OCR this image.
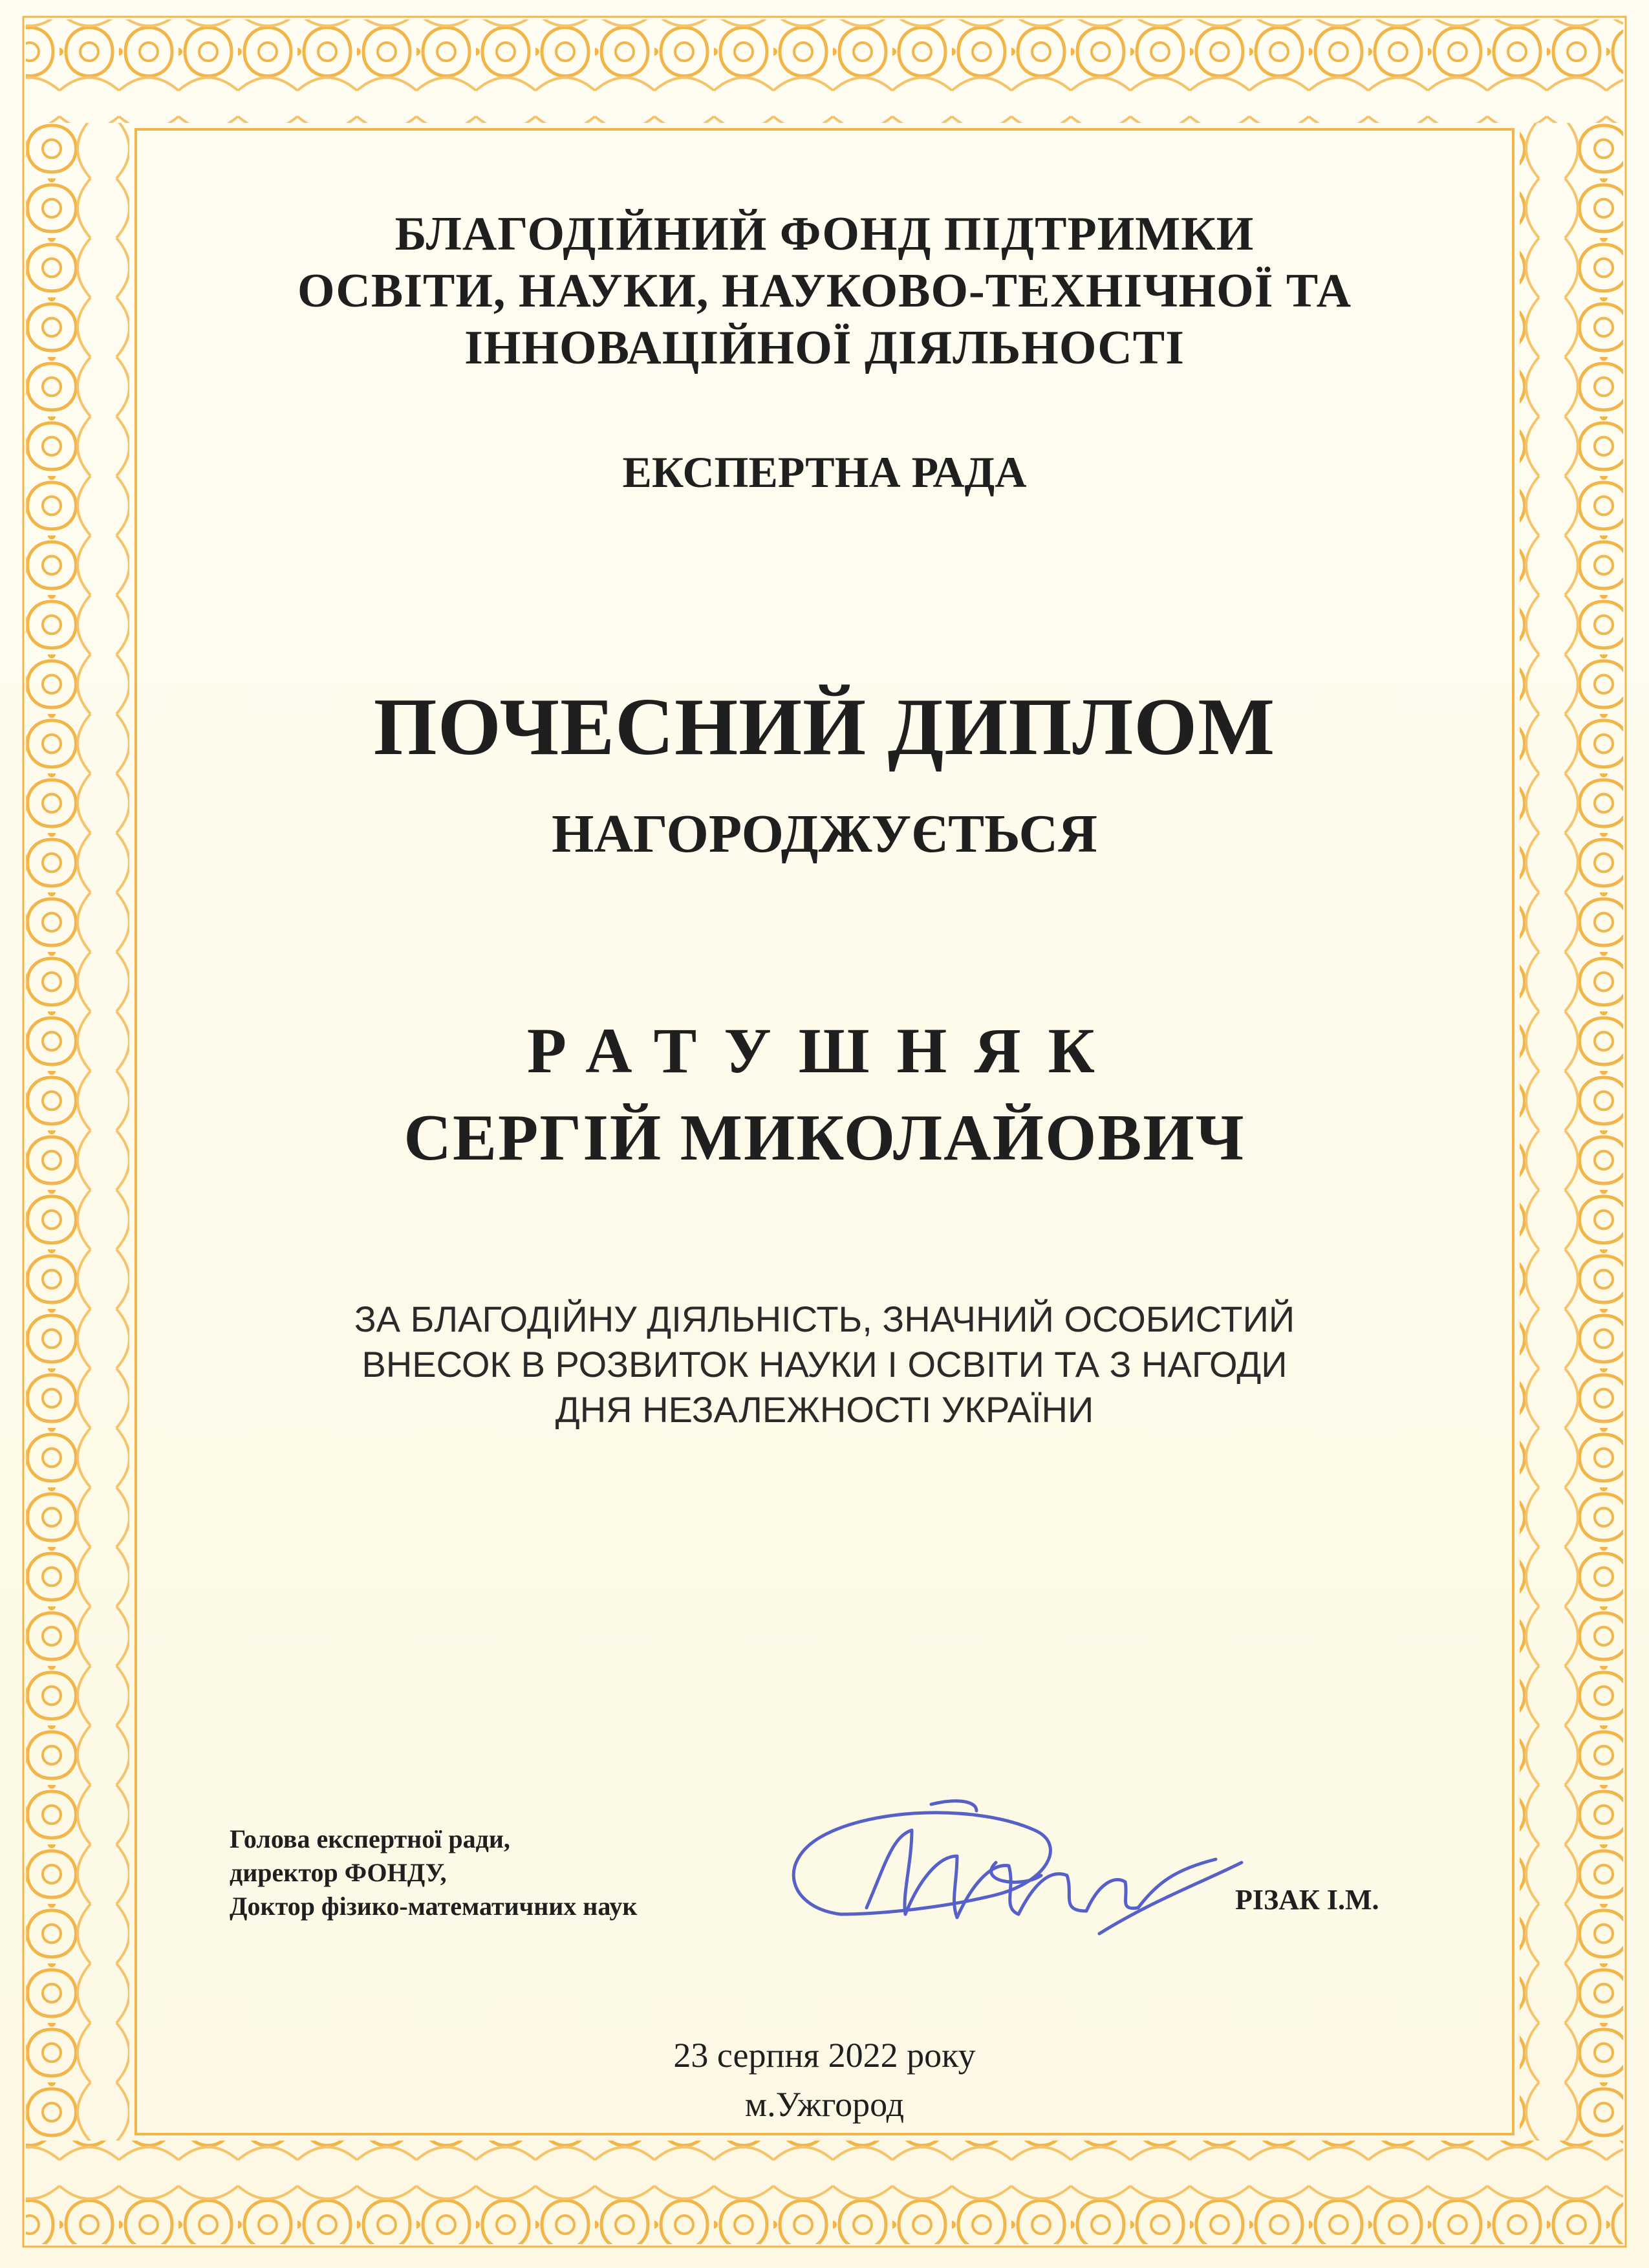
БЛАГОДІЙНИЙ ФОНД ПІДТРИМКИ
ОСВІТИ, НАУКИ, НАУКОВО-ТЕХНІЧНОЇ ТА
ІННОВАЦІЙНОЇ ДІЯЛЬНОСТІ
ЕКСПЕРТНА РАДА
ПОЧЕСНИЙ ДИПЛОМ
НАГОРОДЖУЄТЬСЯ
РАТУШНЯК
СЕРГІЙ МИКОЛАЙОВИЧ
ЗА БЛАГОДІЙНУ ДІЯЛЬНІСТЬ, ЗНАЧНИЙ ОСОБИСТИЙ
ВНЕСОК В РОЗВИТОК НАУКИ І ОСВІТИ ТА З НАГОДИ
ДНЯ НЕЗАЛЕЖНОСТІ УКРАЇНИ
Голова експертної ради,
директор ФОНДУ,
Доктор фізико-математичних наук	РІЗАК І.М.
23 серпня 2022 року
м.Ужгород
